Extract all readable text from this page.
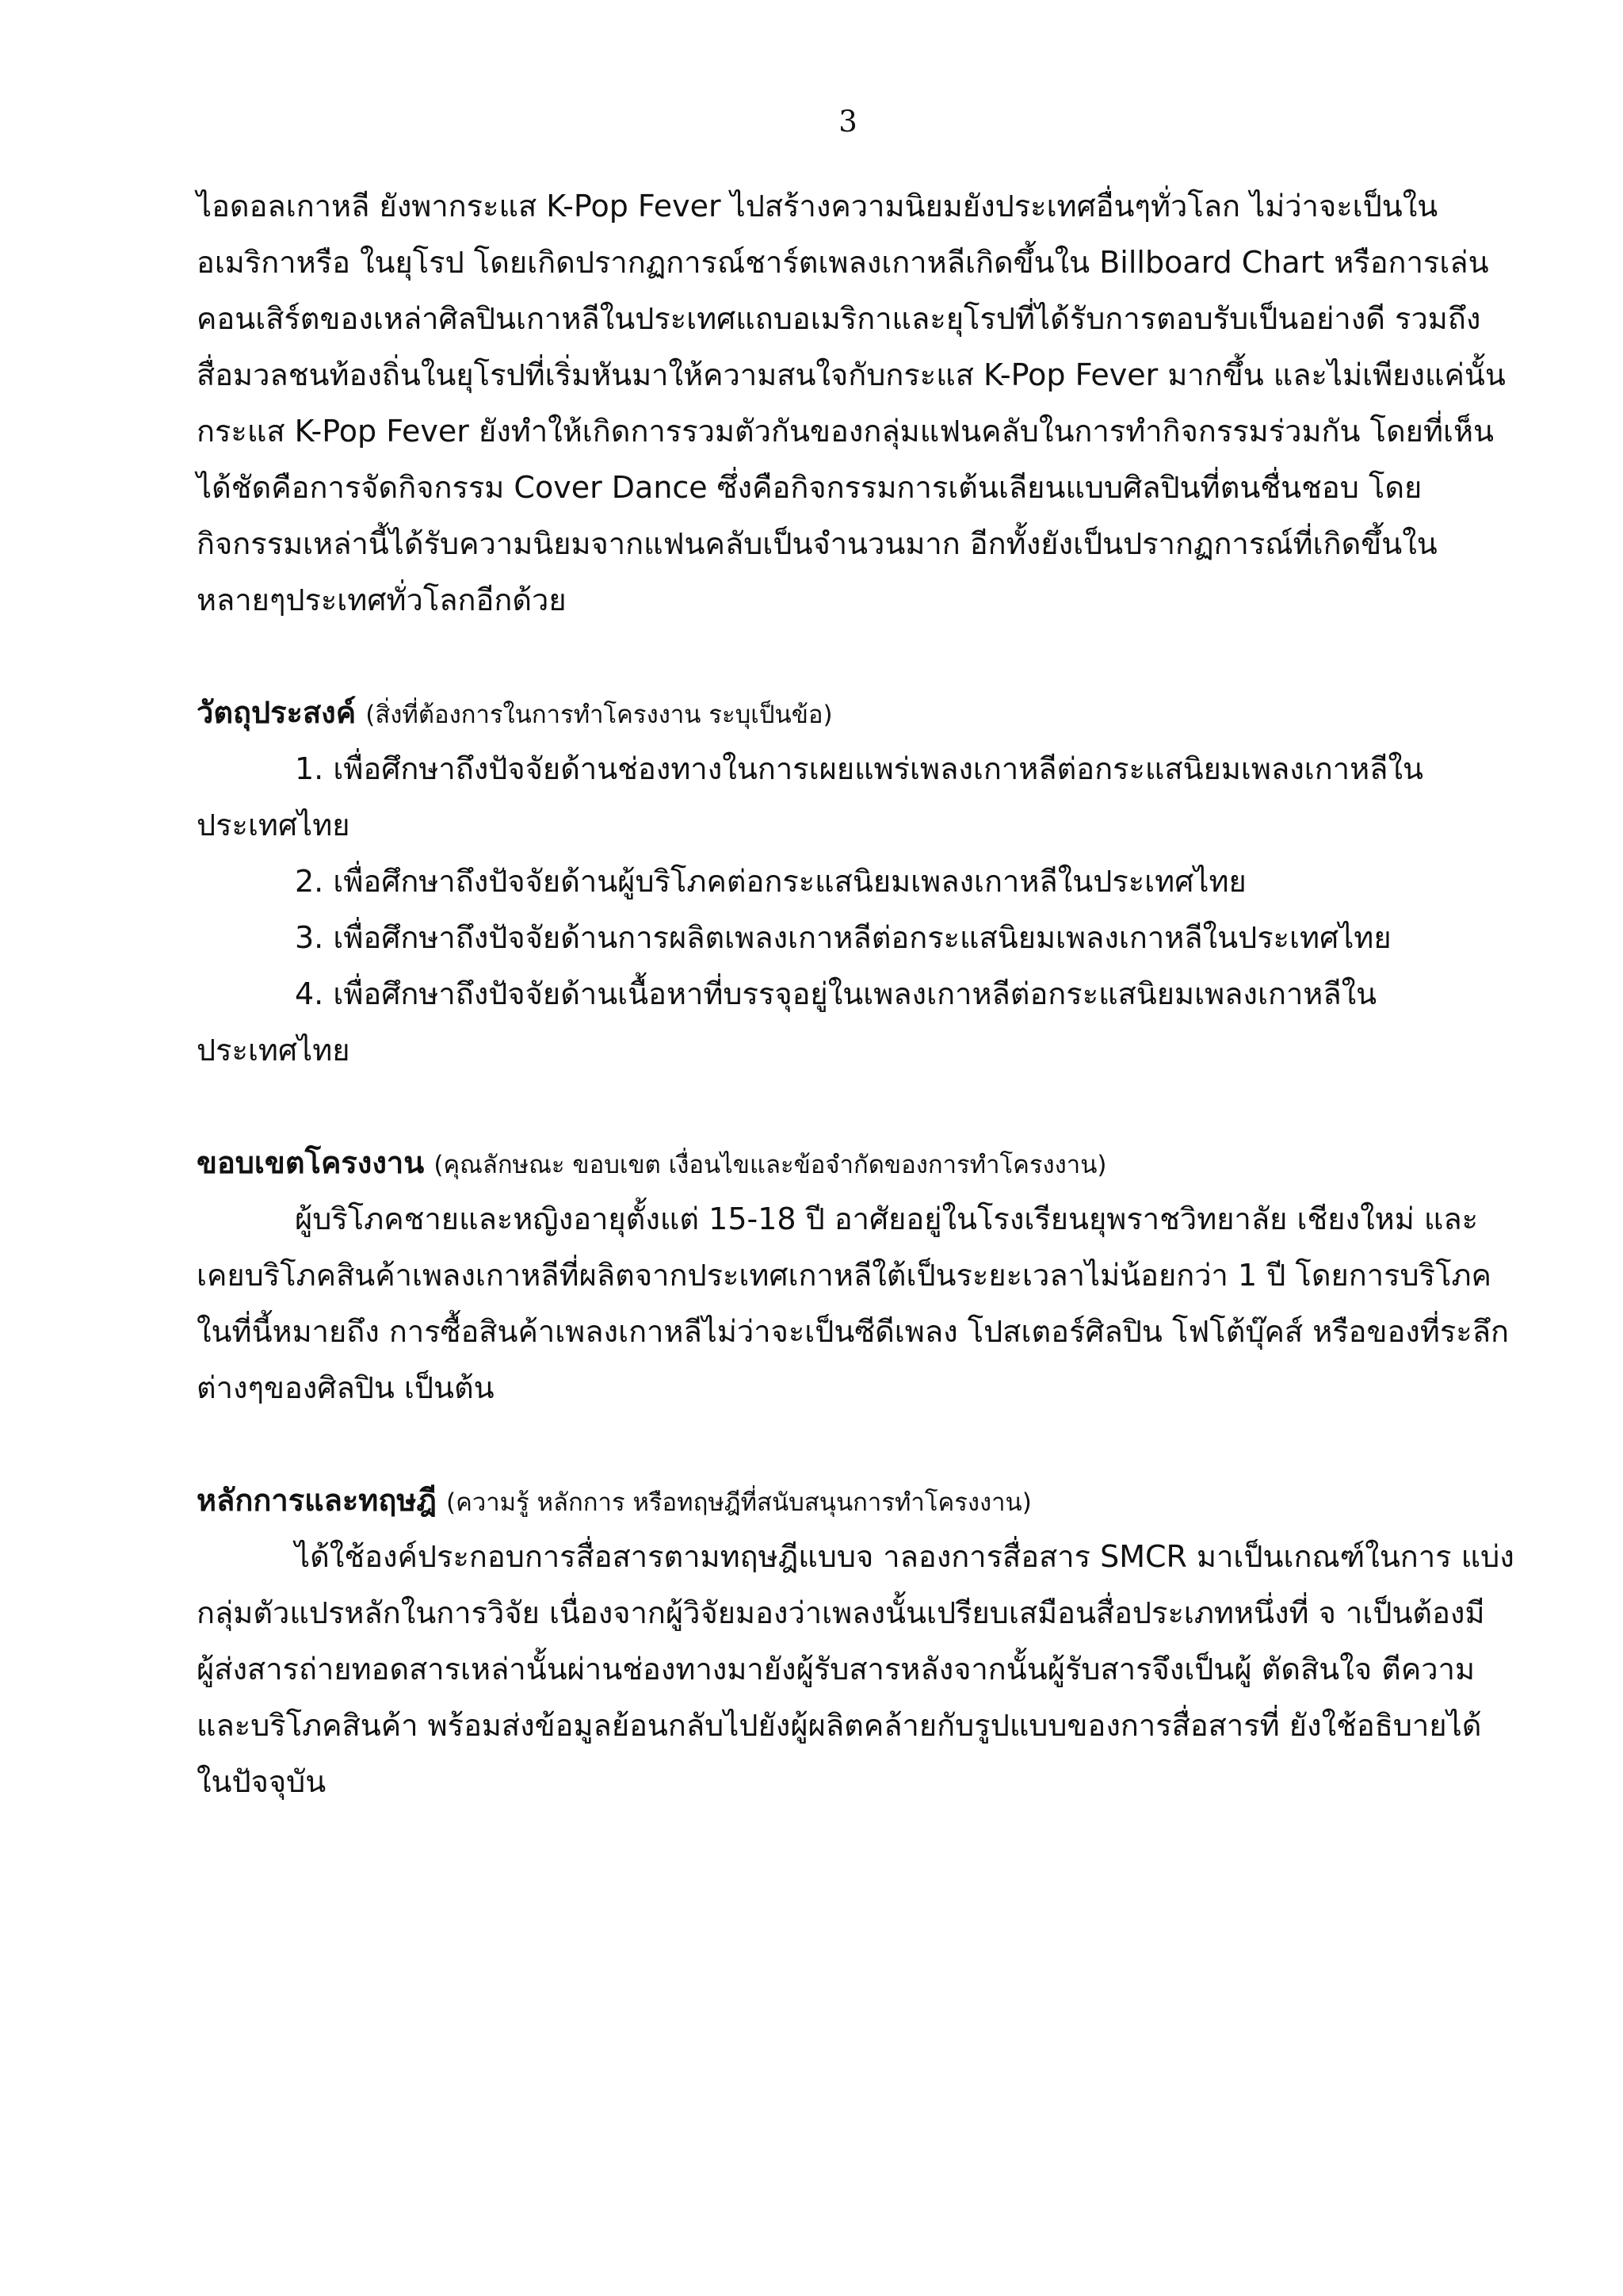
3
ไอดอลเกาหลี ยังพากระแส K-Pop Fever ไปสร้างความนิยมยังประเทศอื่นๆทั่วโลก ไม่ว่าจะเป็นใน
อเมริกาหรือ ในยุโรป โดยเกิดปรากฏการณ์ชาร์ตเพลงเกาหลีเกิดขึ้นใน Billboard Chart หรือการเล่น
คอนเสิร์ตของเหล่าศิลปินเกาหลีในประเทศแถบอเมริกาและยุโรปที่ได้รับการตอบรับเป็นอย่างดี รวมถึง
สื่อมวลชนท้องถิ่นในยุโรปที่เริ่มหันมาให้ความสนใจกับกระแส K-Pop Fever มากขึ้น และไม่เพียงแค่นั้น
กระแส K-Pop Fever ยังทำให้เกิดการรวมตัวกันของกลุ่มแฟนคลับในการทำกิจกรรมร่วมกัน โดยที่เห็น
ได้ชัดคือการจัดกิจกรรม Cover Dance ซึ่งคือกิจกรรมการเต้นเลียนแบบศิลปินที่ตนชื่นชอบ โดย
กิจกรรมเหล่านี้ได้รับความนิยมจากแฟนคลับเป็นจำนวนมาก อีกทั้งยังเป็นปรากฏการณ์ที่เกิดขึ้นใน
หลายๆประเทศทั่วโลกอีกด้วย
วัตถุประสงค์ (สิ่งที่ต้องการในการทำโครงงาน ระบุเป็นข้อ)
1. เพื่อศึกษาถึงปัจจัยด้านช่องทางในการเผยแพร่เพลงเกาหลีต่อกระแสนิยมเพลงเกาหลีใน
ประเทศไทย
2. เพื่อศึกษาถึงปัจจัยด้านผู้บริโภคต่อกระแสนิยมเพลงเกาหลีในประเทศไทย
3. เพื่อศึกษาถึงปัจจัยด้านการผลิตเพลงเกาหลีต่อกระแสนิยมเพลงเกาหลีในประเทศไทย
4. เพื่อศึกษาถึงปัจจัยด้านเนื้อหาที่บรรจุอยู่ในเพลงเกาหลีต่อกระแสนิยมเพลงเกาหลีใน
ประเทศไทย
ขอบเขตโครงงาน (คุณลักษณะ ขอบเขต เงื่อนไขและข้อจำกัดของการทำโครงงาน)
ผู้บริโภคชายและหญิงอายุตั้งแต่ 15-18 ปี อาศัยอยู่ในโรงเรียนยุพราชวิทยาลัย เชียงใหม่ และ
เคยบริโภคสินค้าเพลงเกาหลีที่ผลิตจากประเทศเกาหลีใต้เป็นระยะเวลาไม่น้อยกว่า 1 ปี โดยการบริโภค
ในที่นี้หมายถึง การซื้อสินค้าเพลงเกาหลีไม่ว่าจะเป็นซีดีเพลง โปสเตอร์ศิลปิน โฟโต้บุ๊คส์ หรือของที่ระลึก
ต่างๆของศิลปิน เป็นต้น
หลักการและทฤษฎี (ความรู้ หลักการ หรือทฤษฎีที่สนับสนุนการทำโครงงาน)
ได้ใช้องค์ประกอบการสื่อสารตามทฤษฎีแบบจ าลองการสื่อสาร SMCR มาเป็นเกณฑ์ในการ แบ่ง
กลุ่มตัวแปรหลักในการวิจัย เนื่องจากผู้วิจัยมองว่าเพลงนั้นเปรียบเสมือนสื่อประเภทหนึ่งที่ จ าเป็นต้องมี
ผู้ส่งสารถ่ายทอดสารเหล่านั้นผ่านช่องทางมายังผู้รับสารหลังจากนั้นผู้รับสารจึงเป็นผู้ ตัดสินใจ ตีความ
และบริโภคสินค้า พร้อมส่งข้อมูลย้อนกลับไปยังผู้ผลิตคล้ายกับรูปแบบของการสื่อสารที่ ยังใช้อธิบายได้
ในปัจจุบัน
